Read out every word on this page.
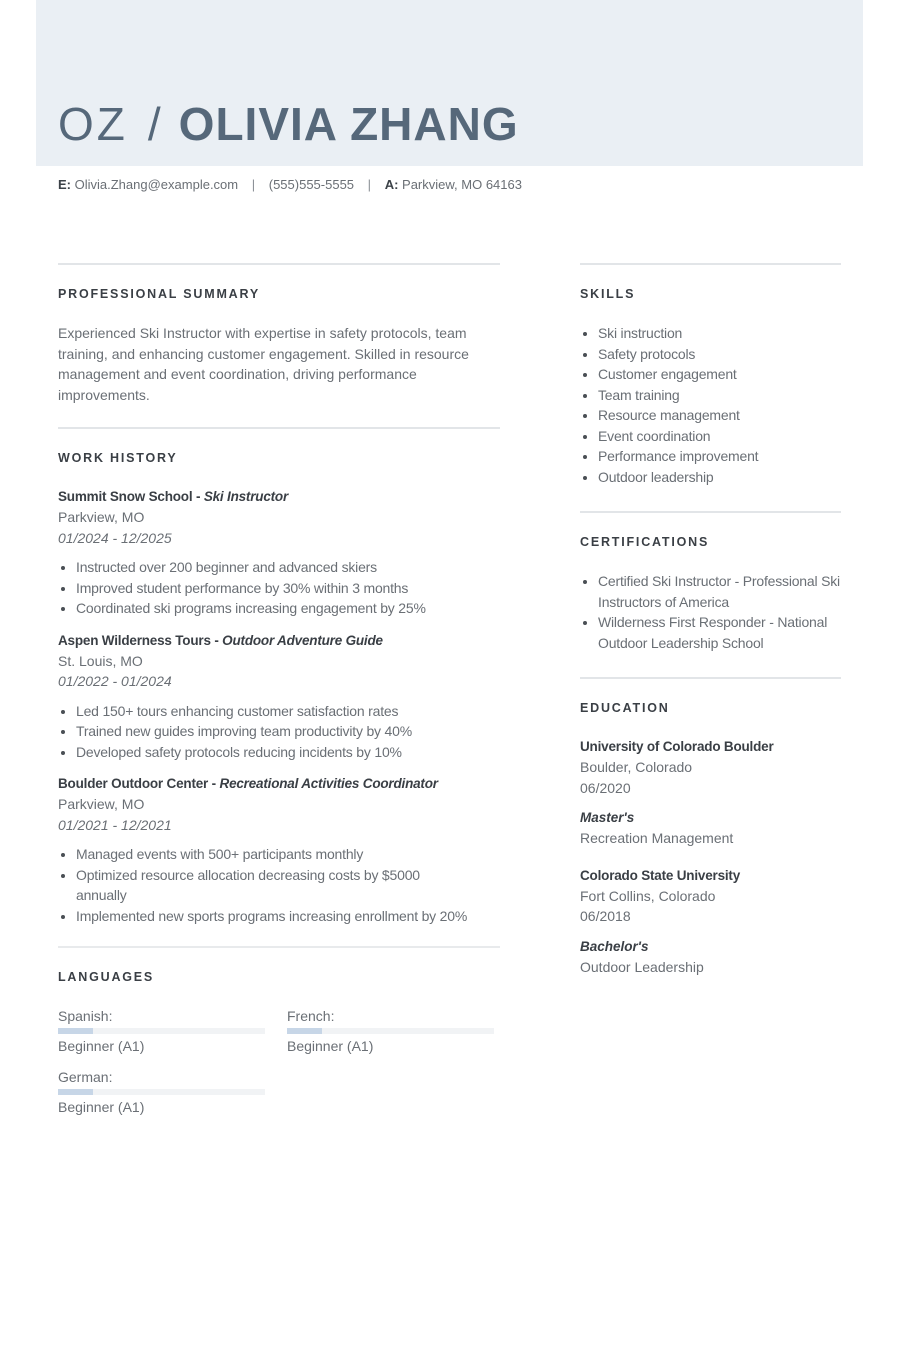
OZ / OLIVIA ZHANG
E: Olivia.Zhang@example.com | (555)555-5555 | A: Parkview, MO 64163
PROFESSIONAL SUMMARY

Experienced Ski Instructor with expertise in safety protocols, team training, and enhancing customer engagement. Skilled in resource management and event coordination, driving performance improvements.

WORK HISTORY
Summit Snow School - Ski Instructor
Parkview, MO
01/2024 - 12/2025
Instructed over 200 beginner and advanced skiers
Improved student performance by 30% within 3 months
Coordinated ski programs increasing engagement by 25%
Aspen Wilderness Tours - Outdoor Adventure Guide
St. Louis, MO
01/2022 - 01/2024
Led 150+ tours enhancing customer satisfaction rates
Trained new guides improving team productivity by 40%
Developed safety protocols reducing incidents by 10%
Boulder Outdoor Center - Recreational Activities Coordinator
Parkview, MO
01/2021 - 12/2021
Managed events with 500+ participants monthly
Optimized resource allocation decreasing costs by $5000 annually
Implemented new sports programs increasing enrollment by 20%
LANGUAGES
Spanish:
Beginner (A1)
French:
Beginner (A1)
German:
Beginner (A1)
SKILLS
Ski instruction
Safety protocols
Customer engagement
Team training
Resource management
Event coordination
Performance improvement
Outdoor leadership
CERTIFICATIONS
Certified Ski Instructor - Professional Ski Instructors of America
Wilderness First Responder - National Outdoor Leadership School
EDUCATION
University of Colorado Boulder
Boulder, Colorado
06/2020
Master's
Recreation Management
Colorado State University
Fort Collins, Colorado
06/2018
Bachelor's
Outdoor Leadership
